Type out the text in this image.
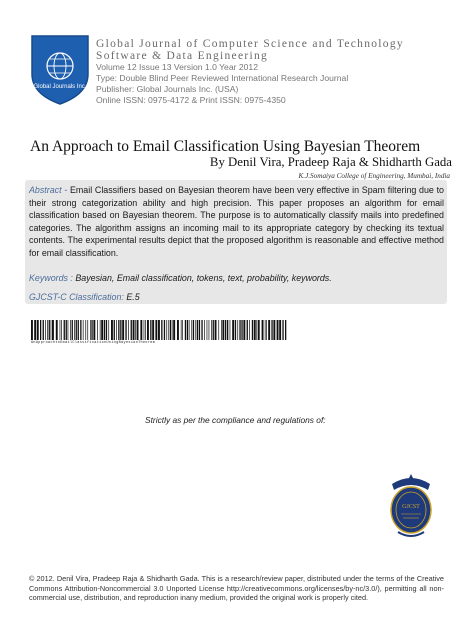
Global Journals Inc.
Global Journal of Computer Science and Technology
Software & Data Engineering
Volume 12 Issue 13 Version 1.0 Year 2012
Type: Double Blind Peer Reviewed International Research Journal
Publisher: Global Journals Inc. (USA)
Online ISSN: 0975-4172 & Print ISSN: 0975-4350
An Approach to Email Classification Using Bayesian Theorem
By Denil Vira, Pradeep Raja & Shidharth Gada
K.J.Somaiya College of Engineering, Mumbai, India
Abstract - Email Classifiers based on Bayesian theorem have been very effective in Spam filtering due to their strong categorization ability and high precision. This paper proposes an algorithm for email classification based on Bayesian theorem. The purpose is to automatically classify mails into predefined categories. The algorithm assigns an incoming mail to its appropriate category by checking its textual contents. The experimental results depict that the proposed algorithm is reasonable and effective method for email classification.
Keywords : Bayesian, Email classification, tokens, text, probability, keywords.
GJCST-C Classification: E.5
AnApproachtoEmailClassificationUsingBayesianTheorem
Strictly as per the compliance and regulations of:
GJCST
© 2012. Denil Vira, Pradeep Raja & Shidharth Gada. This is a research/review paper, distributed under the terms of the Creative Commons Attribution-Noncommercial 3.0 Unported License http://creativecommons.org/licenses/by-nc/3.0/), permitting all non-commercial use, distribution, and reproduction inany medium, provided the original work is properly cited.
